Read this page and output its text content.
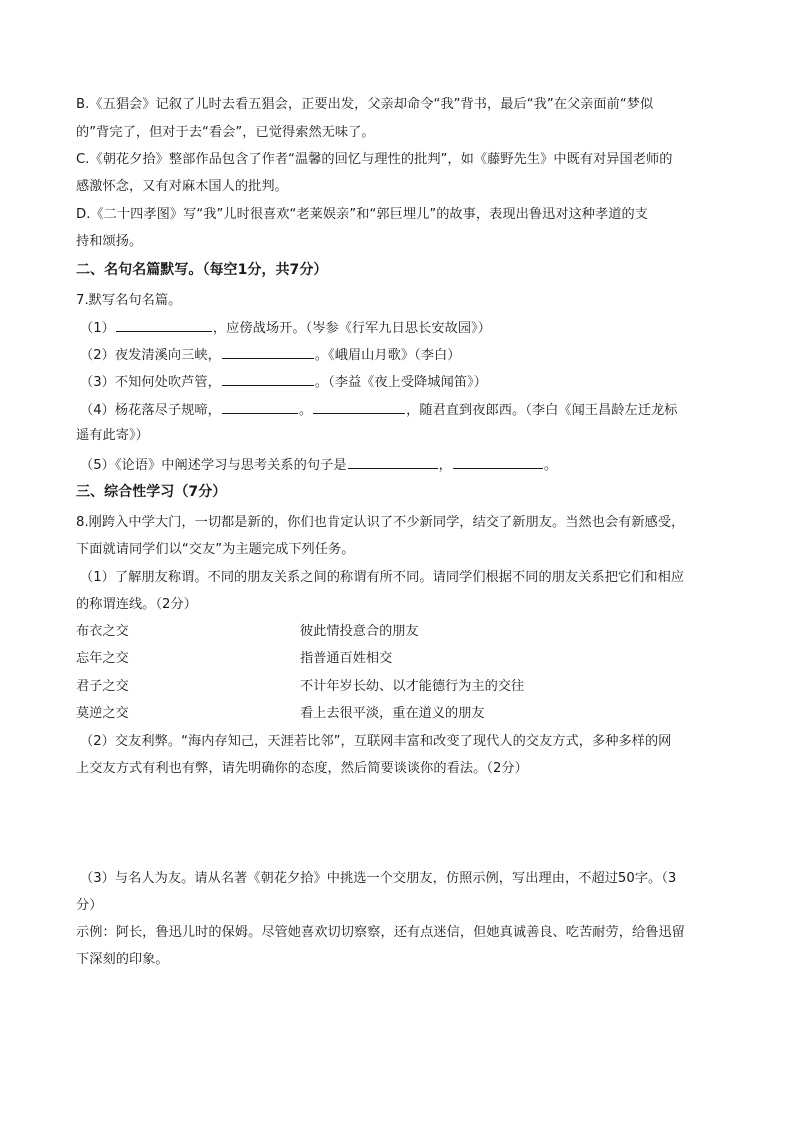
B.《五猖会》记叙了儿时去看五猖会，正要出发，父亲却命令“我”背书，最后“我”在父亲面前“梦似
的”背完了，但对于去“看会”，已觉得索然无味了。
C.《朝花夕拾》整部作品包含了作者“温馨的回忆与理性的批判”，如《藤野先生》中既有对异国老师的
感激怀念，又有对麻木国人的批判。
D.《二十四孝图》写“我”儿时很喜欢“老莱娱亲”和“郭巨埋儿”的故事，表现出鲁迅对这种孝道的支
持和颂扬。
二、名句名篇默写。（每空1分，共7分）
7.默写名句名篇。
（1）	，应傍战场开。（岑参《行军九日思长安故园》）
（2）夜发清溪向三峡，	。《峨眉山月歌》（李白）
（3）不知何处吹芦管，	。（李益《夜上受降城闻笛》）
（4）杨花落尽子规啼，	。	，随君直到夜郎西。（李白《闻王昌龄左迁龙标
遥有此寄》）
（5）《论语》中阐述学习与思考关系的句子是	，	。
三、综合性学习（7分）
8.刚跨入中学大门，一切都是新的，你们也肯定认识了不少新同学，结交了新朋友。当然也会有新感受，
下面就请同学们以“交友”为主题完成下列任务。
（1）了解朋友称谓。不同的朋友关系之间的称谓有所不同。请同学们根据不同的朋友关系把它们和相应
的称谓连线。（2分）
布衣之交	彼此情投意合的朋友
忘年之交	指普通百姓相交
君子之交	不计年岁长幼、以才能德行为主的交往
莫逆之交	看上去很平淡，重在道义的朋友
（2）交友利弊。“海内存知己，天涯若比邻”，互联网丰富和改变了现代人的交友方式，多种多样的网
上交友方式有利也有弊，请先明确你的态度，然后简要谈谈你的看法。（2分）
（3）与名人为友。请从名著《朝花夕拾》中挑选一个交朋友，仿照示例，写出理由，不超过50字。（3
分）
示例：阿长，鲁迅儿时的保姆。尽管她喜欢切切察察，还有点迷信，但她真诚善良、吃苦耐劳，给鲁迅留
下深刻的印象。
